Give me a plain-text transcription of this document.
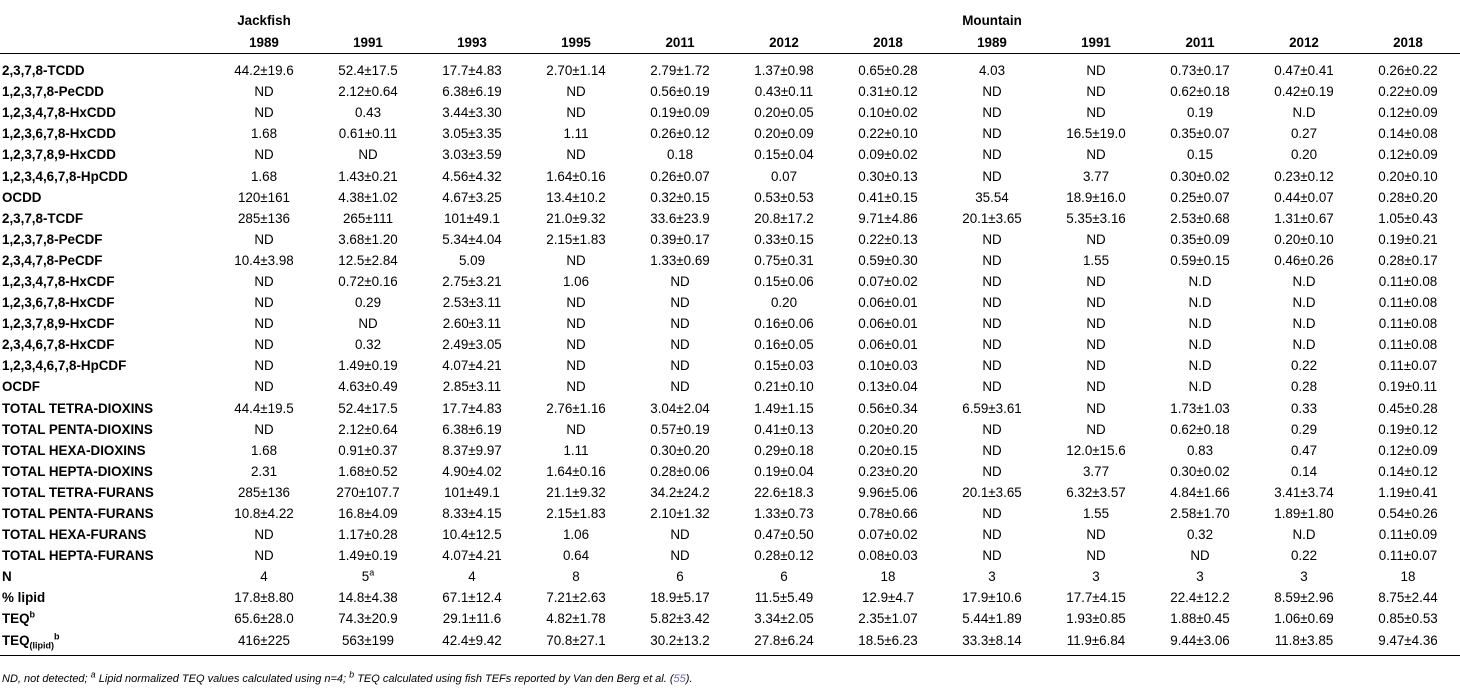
	Jackfish							Mountain				
	1989	1991	1993	1995	2011	2012	2018	1989	1991	2011	2012	2018
2,3,7,8-TCDD	44.2±19.6	52.4±17.5	17.7±4.83	2.70±1.14	2.79±1.72	1.37±0.98	0.65±0.28	4.03	ND	0.73±0.17	0.47±0.41	0.26±0.22
1,2,3,7,8-PeCDD	ND	2.12±0.64	6.38±6.19	ND	0.56±0.19	0.43±0.11	0.31±0.12	ND	ND	0.62±0.18	0.42±0.19	0.22±0.09
1,2,3,4,7,8-HxCDD	ND	0.43	3.44±3.30	ND	0.19±0.09	0.20±0.05	0.10±0.02	ND	ND	0.19	N.D	0.12±0.09
1,2,3,6,7,8-HxCDD	1.68	0.61±0.11	3.05±3.35	1.11	0.26±0.12	0.20±0.09	0.22±0.10	ND	16.5±19.0	0.35±0.07	0.27	0.14±0.08
1,2,3,7,8,9-HxCDD	ND	ND	3.03±3.59	ND	0.18	0.15±0.04	0.09±0.02	ND	ND	0.15	0.20	0.12±0.09
1,2,3,4,6,7,8-HpCDD	1.68	1.43±0.21	4.56±4.32	1.64±0.16	0.26±0.07	0.07	0.30±0.13	ND	3.77	0.30±0.02	0.23±0.12	0.20±0.10
OCDD	120±161	4.38±1.02	4.67±3.25	13.4±10.2	0.32±0.15	0.53±0.53	0.41±0.15	35.54	18.9±16.0	0.25±0.07	0.44±0.07	0.28±0.20
2,3,7,8-TCDF	285±136	265±111	101±49.1	21.0±9.32	33.6±23.9	20.8±17.2	9.71±4.86	20.1±3.65	5.35±3.16	2.53±0.68	1.31±0.67	1.05±0.43
1,2,3,7,8-PeCDF	ND	3.68±1.20	5.34±4.04	2.15±1.83	0.39±0.17	0.33±0.15	0.22±0.13	ND	ND	0.35±0.09	0.20±0.10	0.19±0.21
2,3,4,7,8-PeCDF	10.4±3.98	12.5±2.84	5.09	ND	1.33±0.69	0.75±0.31	0.59±0.30	ND	1.55	0.59±0.15	0.46±0.26	0.28±0.17
1,2,3,4,7,8-HxCDF	ND	0.72±0.16	2.75±3.21	1.06	ND	0.15±0.06	0.07±0.02	ND	ND	N.D	N.D	0.11±0.08
1,2,3,6,7,8-HxCDF	ND	0.29	2.53±3.11	ND	ND	0.20	0.06±0.01	ND	ND	N.D	N.D	0.11±0.08
1,2,3,7,8,9-HxCDF	ND	ND	2.60±3.11	ND	ND	0.16±0.06	0.06±0.01	ND	ND	N.D	N.D	0.11±0.08
2,3,4,6,7,8-HxCDF	ND	0.32	2.49±3.05	ND	ND	0.16±0.05	0.06±0.01	ND	ND	N.D	N.D	0.11±0.08
1,2,3,4,6,7,8-HpCDF	ND	1.49±0.19	4.07±4.21	ND	ND	0.15±0.03	0.10±0.03	ND	ND	N.D	0.22	0.11±0.07
OCDF	ND	4.63±0.49	2.85±3.11	ND	ND	0.21±0.10	0.13±0.04	ND	ND	N.D	0.28	0.19±0.11
TOTAL TETRA-DIOXINS	44.4±19.5	52.4±17.5	17.7±4.83	2.76±1.16	3.04±2.04	1.49±1.15	0.56±0.34	6.59±3.61	ND	1.73±1.03	0.33	0.45±0.28
TOTAL PENTA-DIOXINS	ND	2.12±0.64	6.38±6.19	ND	0.57±0.19	0.41±0.13	0.20±0.20	ND	ND	0.62±0.18	0.29	0.19±0.12
TOTAL HEXA-DIOXINS	1.68	0.91±0.37	8.37±9.97	1.11	0.30±0.20	0.29±0.18	0.20±0.15	ND	12.0±15.6	0.83	0.47	0.12±0.09
TOTAL HEPTA-DIOXINS	2.31	1.68±0.52	4.90±4.02	1.64±0.16	0.28±0.06	0.19±0.04	0.23±0.20	ND	3.77	0.30±0.02	0.14	0.14±0.12
TOTAL TETRA-FURANS	285±136	270±107.7	101±49.1	21.1±9.32	34.2±24.2	22.6±18.3	9.96±5.06	20.1±3.65	6.32±3.57	4.84±1.66	3.41±3.74	1.19±0.41
TOTAL PENTA-FURANS	10.8±4.22	16.8±4.09	8.33±4.15	2.15±1.83	2.10±1.32	1.33±0.73	0.78±0.66	ND	1.55	2.58±1.70	1.89±1.80	0.54±0.26
TOTAL HEXA-FURANS	ND	1.17±0.28	10.4±12.5	1.06	ND	0.47±0.50	0.07±0.02	ND	ND	0.32	N.D	0.11±0.09
TOTAL HEPTA-FURANS	ND	1.49±0.19	4.07±4.21	0.64	ND	0.28±0.12	0.08±0.03	ND	ND	ND	0.22	0.11±0.07
N	4	5$^a$	4	8	6	6	18	3	3	3	3	18
% lipid	17.8±8.80	14.8±4.38	67.1±12.4	7.21±2.63	18.9±5.17	11.5±5.49	12.9±4.7	17.9±10.6	17.7±4.15	22.4±12.2	8.59±2.96	8.75±2.44
TEQ$^b$	65.6±28.0	74.3±20.9	29.1±11.6	4.82±1.78	5.82±3.42	3.34±2.05	2.35±1.07	5.44±1.89	1.93±0.85	1.88±0.45	1.06±0.69	0.85±0.53
$TEQ_{(lipid)}^b$	416±225	563±199	42.4±9.42	70.8±27.1	30.2±13.2	27.8±6.24	18.5±6.23	33.3±8.14	11.9±6.84	9.44±3.06	11.8±3.85	9.47±4.36
ND, not detected; $^a$ Lipid normalized TEQ values calculated using n=4; $^b$ TEQ calculated using fish TEFs reported by Van den Berg et al. (55).
